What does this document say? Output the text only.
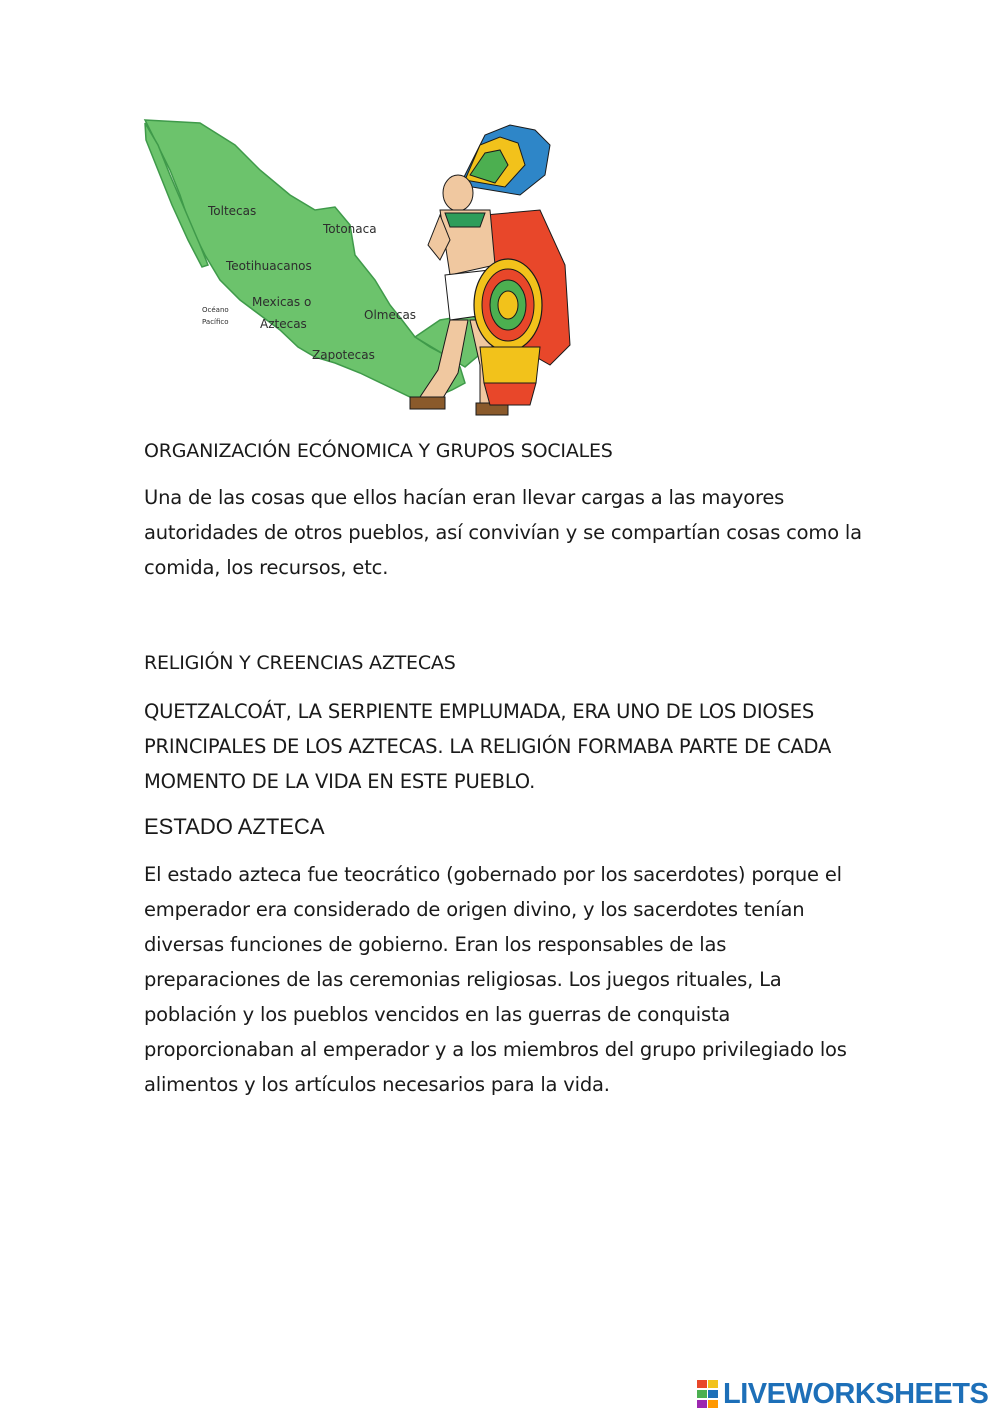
Toltecas
Totonaca
Teotihuacanos
Océano
Pacífico
Mexicas o
Aztecas
Olmecas
Zapotecas
ORGANIZACIÓN ECÓNOMICA Y GRUPOS SOCIALES
Una de las cosas que ellos hacían eran llevar cargas a las mayores
autoridades de otros pueblos, así convivían y se compartían cosas como la
comida, los recursos, etc.
RELIGIÓN Y CREENCIAS AZTECAS
QUETZALCOÁT, LA SERPIENTE EMPLUMADA, ERA UNO DE LOS DIOSES
PRINCIPALES DE LOS AZTECAS. LA RELIGIÓN FORMABA PARTE DE CADA
MOMENTO DE LA VIDA EN ESTE PUEBLO.
ESTADO AZTECA
El estado azteca fue teocrático (gobernado por los sacerdotes) porque el
emperador era considerado de origen divino, y los sacerdotes tenían
diversas funciones de gobierno. Eran los responsables de las
preparaciones de las ceremonias religiosas. Los juegos rituales, La
población y los pueblos vencidos en las guerras de conquista
proporcionaban al emperador y a los miembros del grupo privilegiado los
alimentos y los artículos necesarios para la vida.
LIVEWORKSHEETS
